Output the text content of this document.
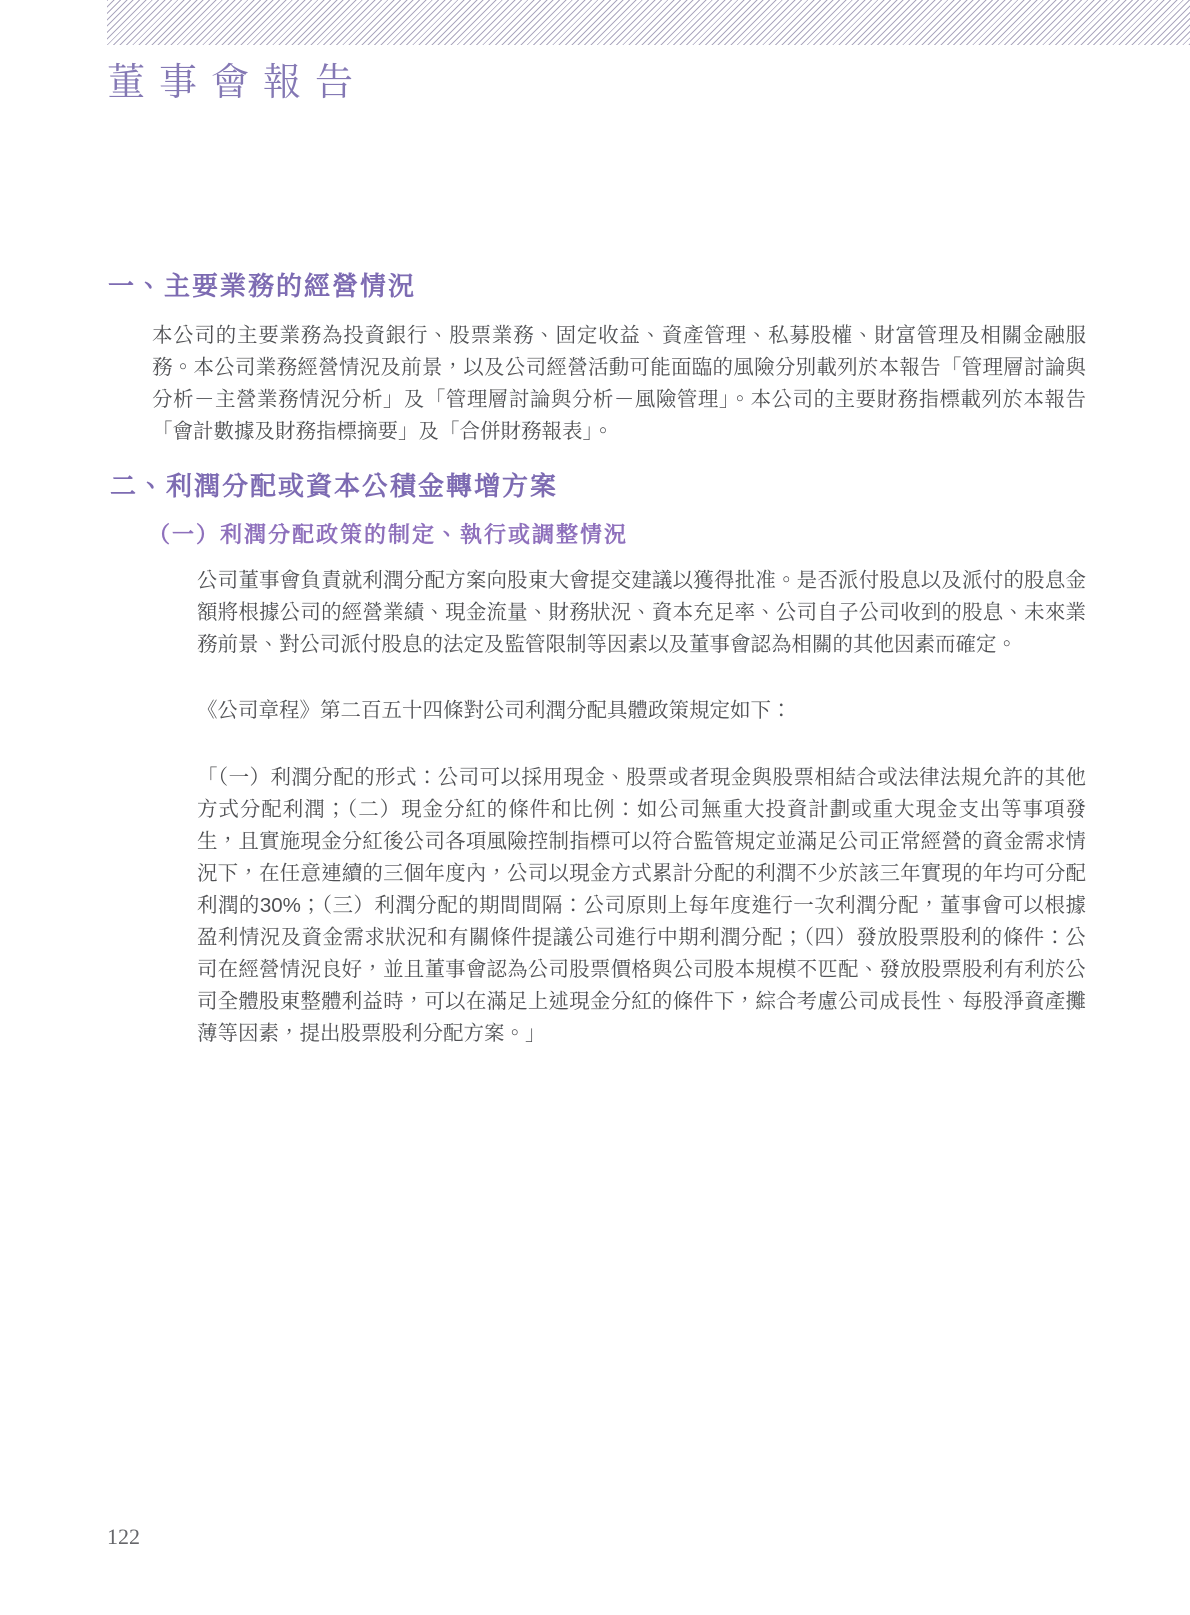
董事會報告
一、主要業務的經營情況

本公司的主要業務為投資銀行、股票業務、固定收益、資產管理、私募股權、財富管理及相關金融服務。本公司業務經營情況及前景，以及公司經營活動可能面臨的風險分別載列於本報告「管理層討論與分析－主營業務情況分析」及「管理層討論與分析－風險管理」。本公司的主要財務指標載列於本報告「會計數據及財務指標摘要」及「合併財務報表」。

二、利潤分配或資本公積金轉增方案
（一）利潤分配政策的制定、執行或調整情況

公司董事會負責就利潤分配方案向股東大會提交建議以獲得批准。是否派付股息以及派付的股息金額將根據公司的經營業績、現金流量、財務狀況、資本充足率、公司自子公司收到的股息、未來業務前景、對公司派付股息的法定及監管限制等因素以及董事會認為相關的其他因素而確定。

《公司章程》第二百五十四條對公司利潤分配具體政策規定如下：

「（一）利潤分配的形式：公司可以採用現金、股票或者現金與股票相結合或法律法規允許的其他方式分配利潤；（二）現金分紅的條件和比例：如公司無重大投資計劃或重大現金支出等事項發生，且實施現金分紅後公司各項風險控制指標可以符合監管規定並滿足公司正常經營的資金需求情況下，在任意連續的三個年度內，公司以現金方式累計分配的利潤不少於該三年實現的年均可分配利潤的30%；（三）利潤分配的期間間隔：公司原則上每年度進行一次利潤分配，董事會可以根據盈利情況及資金需求狀況和有關條件提議公司進行中期利潤分配；（四）發放股票股利的條件：公司在經營情況良好，並且董事會認為公司股票價格與公司股本規模不匹配、發放股票股利有利於公司全體股東整體利益時，可以在滿足上述現金分紅的條件下，綜合考慮公司成長性、每股淨資產攤薄等因素，提出股票股利分配方案。」

122
